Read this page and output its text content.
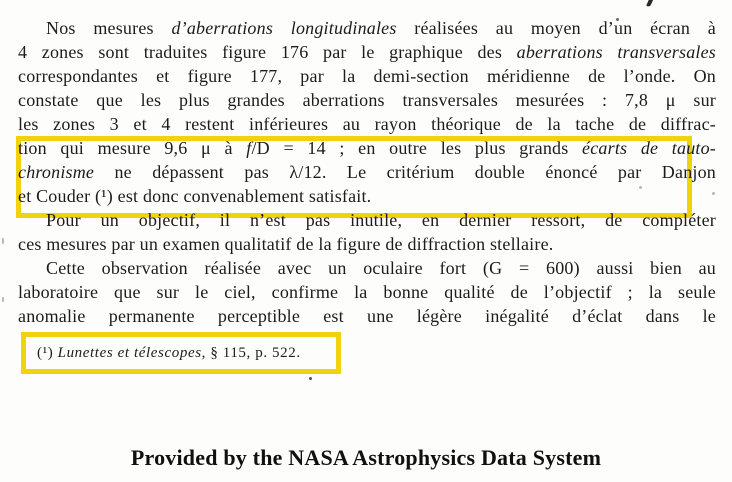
Nos mesures d’aberrations longitudinales réalisées au moyen d’un écran à
4 zones sont traduites figure 176 par le graphique des aberrations transversales
correspondantes et figure 177, par la demi-section méridienne de l’onde. On
constate que les plus grandes aberrations transversales mesurées : 7,8 μ sur
les zones 3 et 4 restent inférieures au rayon théorique de la tache de diffrac-
tion qui mesure 9,6 μ à f/D = 14 ; en outre les plus grands écarts de tauto-
chronisme ne dépassent pas λ/12. Le critérium double énoncé par Danjon
et Couder (¹) est donc convenablement satisfait.
Pour un objectif, il n’est pas inutile, en dernier ressort, de compléter
ces mesures par un examen qualitatif de la figure de diffraction stellaire.
Cette observation réalisée avec un oculaire fort (G = 600) aussi bien au
laboratoire que sur le ciel, confirme la bonne qualité de l’objectif ; la seule
anomalie permanente perceptible est une légère inégalité d’éclat dans le
(¹) Lunettes et télescopes, § 115, p. 522.
Provided by the NASA Astrophysics Data System
